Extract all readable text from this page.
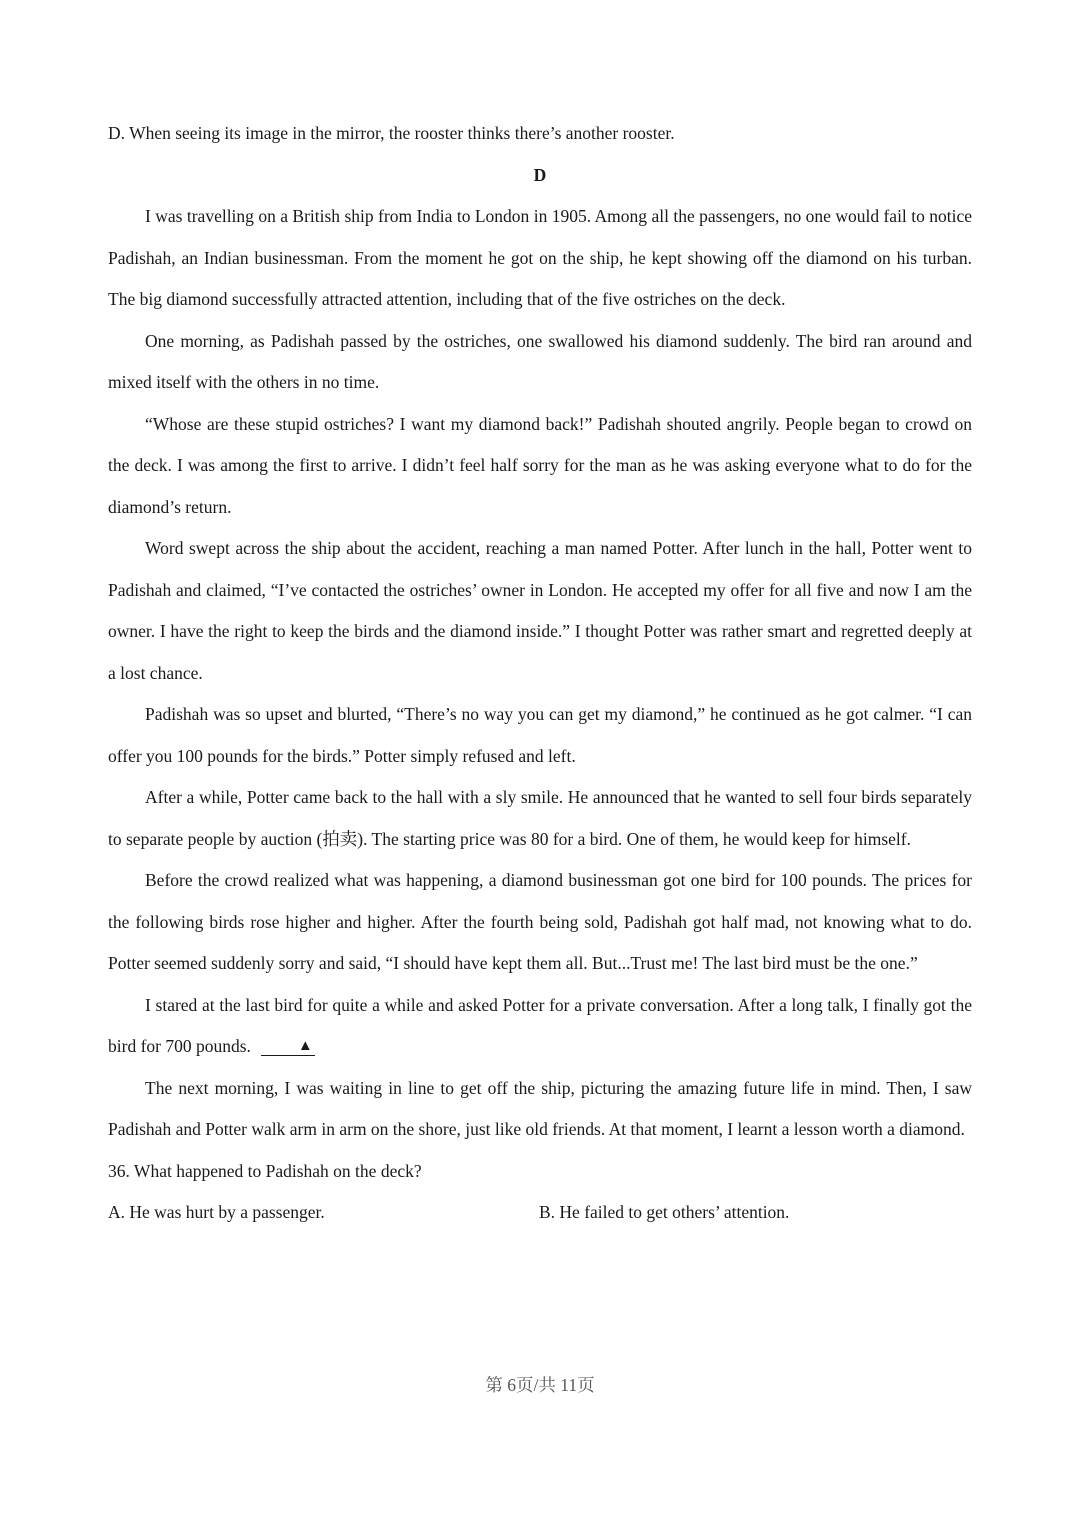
D. When seeing its image in the mirror, the rooster thinks there’s another rooster.

D

I was travelling on a British ship from India to London in 1905. Among all the passengers, no one would fail to notice Padishah, an Indian businessman. From the moment he got on the ship, he kept showing off the diamond on his turban. The big diamond successfully attracted attention, including that of the five ostriches on the deck.

One morning, as Padishah passed by the ostriches, one swallowed his diamond suddenly. The bird ran around and mixed itself with the others in no time.

“Whose are these stupid ostriches? I want my diamond back!” Padishah shouted angrily. People began to crowd on the deck. I was among the first to arrive. I didn’t feel half sorry for the man as he was asking everyone what to do for the diamond’s return.

Word swept across the ship about the accident, reaching a man named Potter. After lunch in the hall, Potter went to Padishah and claimed, “I’ve contacted the ostriches’ owner in London. He accepted my offer for all five and now I am the owner. I have the right to keep the birds and the diamond inside.” I thought Potter was rather smart and regretted deeply at a lost chance.

Padishah was so upset and blurted, “There’s no way you can get my diamond,” he continued as he got calmer. “I can offer you 100 pounds for the birds.” Potter simply refused and left.

After a while, Potter came back to the hall with a sly smile. He announced that he wanted to sell four birds separately to separate people by auction (拍卖). The starting price was 80 for a bird. One of them, he would keep for himself.

Before the crowd realized what was happening, a diamond businessman got one bird for 100 pounds. The prices for the following birds rose higher and higher. After the fourth being sold, Padishah got half mad, not knowing what to do. Potter seemed suddenly sorry and said, “I should have kept them all. But...Trust me! The last bird must be the one.”

I stared at the last bird for quite a while and asked Potter for a private conversation. After a long talk, I finally got the bird for 700 pounds.	▲

The next morning, I was waiting in line to get off the ship, picturing the amazing future life in mind. Then, I saw Padishah and Potter walk arm in arm on the shore, just like old friends. At that moment, I learnt a lesson worth a diamond.

36. What happened to Padishah on the deck?

A. He was hurt by a passenger.	B. He failed to get others’ attention.
第 6页/共 11页
